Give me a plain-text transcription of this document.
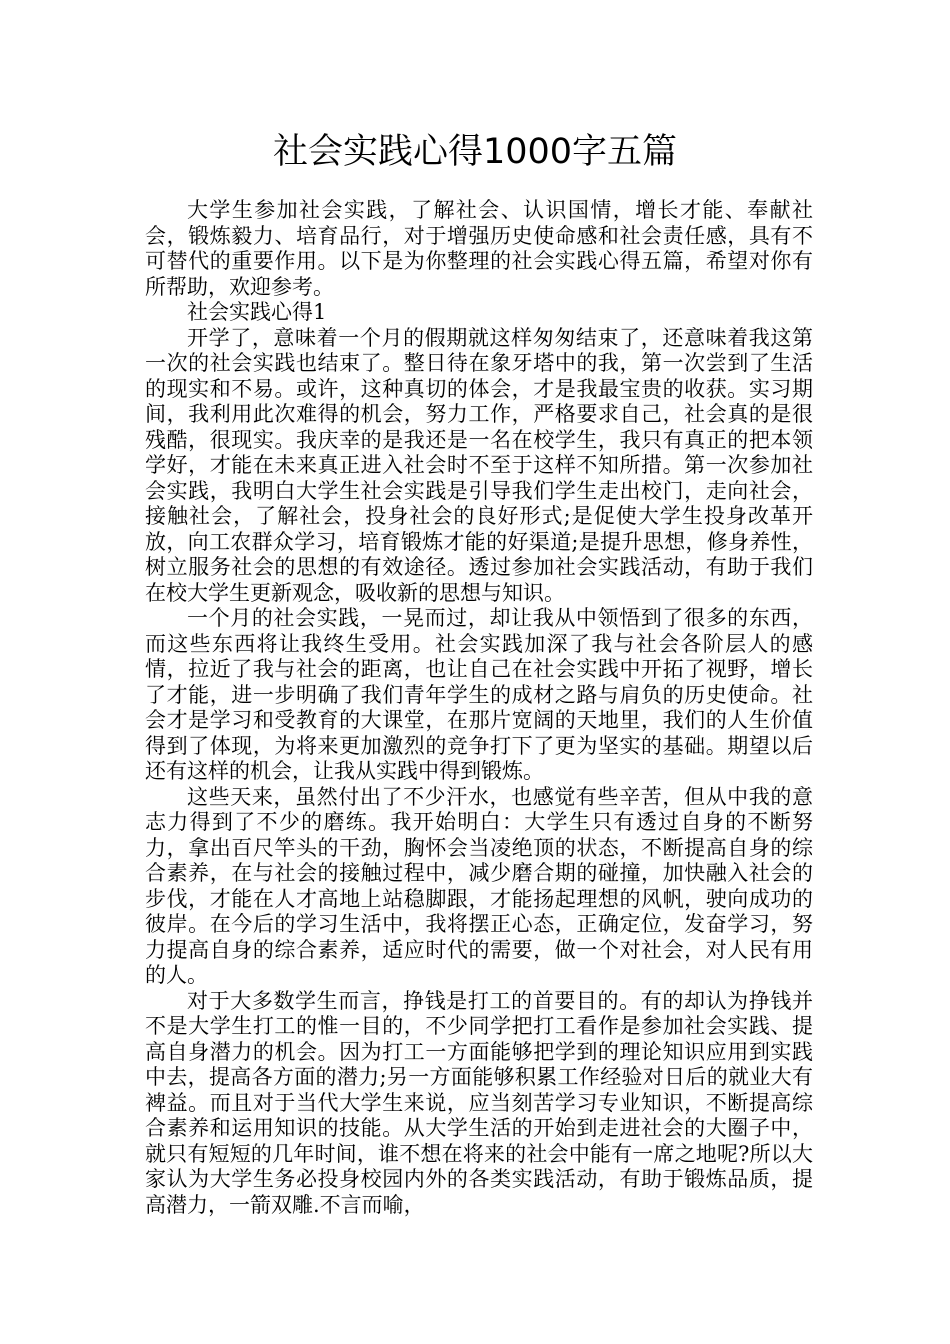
社会实践心得1000字五篇

大学生参加社会实践，了解社会、认识国情，增长才能、奉献社会，锻炼毅力、培育品行，对于增强历史使命感和社会责任感，具有不可替代的重要作用。以下是为你整理的社会实践心得五篇，希望对你有所帮助，欢迎参考。

社会实践心得1

开学了，意味着一个月的假期就这样匆匆结束了，还意味着我这第一次的社会实践也结束了。整日待在象牙塔中的我，第一次尝到了生活的现实和不易。或许，这种真切的体会，才是我最宝贵的收获。实习期间，我利用此次难得的机会，努力工作，严格要求自己，社会真的是很残酷，很现实。我庆幸的是我还是一名在校学生，我只有真正的把本领学好，才能在未来真正进入社会时不至于这样不知所措。第一次参加社会实践，我明白大学生社会实践是引导我们学生走出校门，走向社会，接触社会，了解社会，投身社会的良好形式;是促使大学生投身改革开放，向工农群众学习，培育锻炼才能的好渠道;是提升思想，修身养性，树立服务社会的思想的有效途径。透过参加社会实践活动，有助于我们在校大学生更新观念，吸收新的思想与知识。

一个月的社会实践，一晃而过，却让我从中领悟到了很多的东西，而这些东西将让我终生受用。社会实践加深了我与社会各阶层人的感情，拉近了我与社会的距离，也让自己在社会实践中开拓了视野，增长了才能，进一步明确了我们青年学生的成材之路与肩负的历史使命。社会才是学习和受教育的大课堂，在那片宽阔的天地里，我们的人生价值得到了体现，为将来更加激烈的竞争打下了更为坚实的基础。期望以后还有这样的机会，让我从实践中得到锻炼。

这些天来，虽然付出了不少汗水，也感觉有些辛苦，但从中我的意志力得到了不少的磨练。我开始明白：大学生只有透过自身的不断努力，拿出百尺竿头的干劲，胸怀会当凌绝顶的状态，不断提高自身的综合素养，在与社会的接触过程中，减少磨合期的碰撞，加快融入社会的步伐，才能在人才高地上站稳脚跟，才能扬起理想的风帆，驶向成功的彼岸。在今后的学习生活中，我将摆正心态，正确定位，发奋学习，努力提高自身的综合素养，适应时代的需要，做一个对社会，对人民有用的人。

对于大多数学生而言，挣钱是打工的首要目的。有的却认为挣钱并不是大学生打工的惟一目的，不少同学把打工看作是参加社会实践、提高自身潜力的机会。因为打工一方面能够把学到的理论知识应用到实践中去，提高各方面的潜力;另一方面能够积累工作经验对日后的就业大有裨益。而且对于当代大学生来说，应当刻苦学习专业知识，不断提高综合素养和运用知识的技能。从大学生活的开始到走进社会的大圈子中，就只有短短的几年时间，谁不想在将来的社会中能有一席之地呢?所以大家认为大学生务必投身校园内外的各类实践活动，有助于锻炼品质，提高潜力，一箭双雕.不言而喻，
